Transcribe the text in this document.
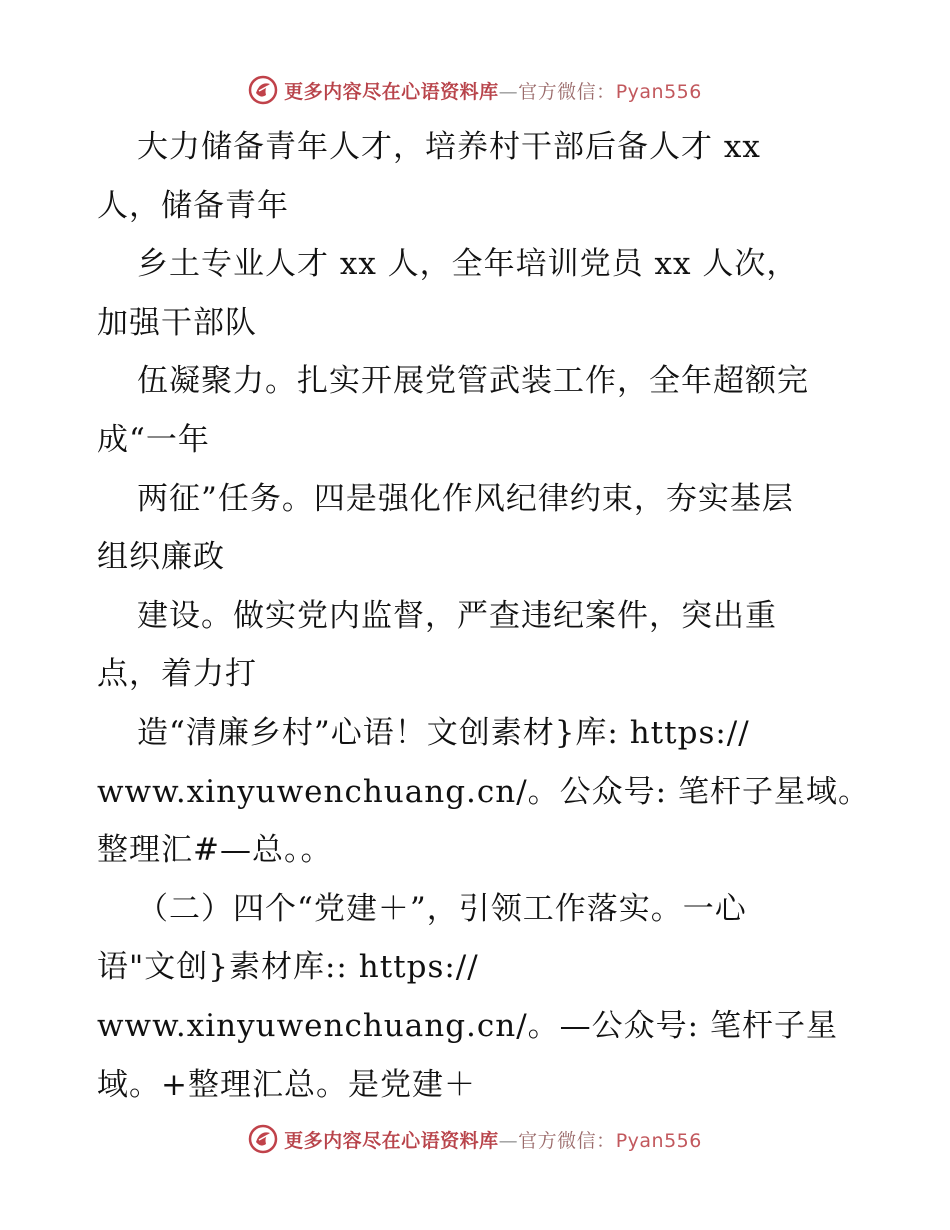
更多内容尽在心语资料库—官方微信：Pyan556
大力储备青年人才，培养村干部后备人才 xx
人，储备青年
乡土专业人才 xx 人，全年培训党员 xx 人次，
加强干部队
伍凝聚力。扎实开展党管武装工作，全年超额完
成“一年
两征”任务。四是强化作风纪律约束，夯实基层
组织廉政
建设。做实党内监督，严查违纪案件，突出重
点，着力打
造“清廉乡村”心语！文创素材}库: https://
www.xinyuwenchuang.cn/。公众号: 笔杆子星域。
整理汇#—总。。
（二）四个“党建＋”，引领工作落实。一心
语"文创}素材库:: https://
www.xinyuwenchuang.cn/。—公众号: 笔杆子星
域。+整理汇总。是党建＋
更多内容尽在心语资料库—官方微信：Pyan556
